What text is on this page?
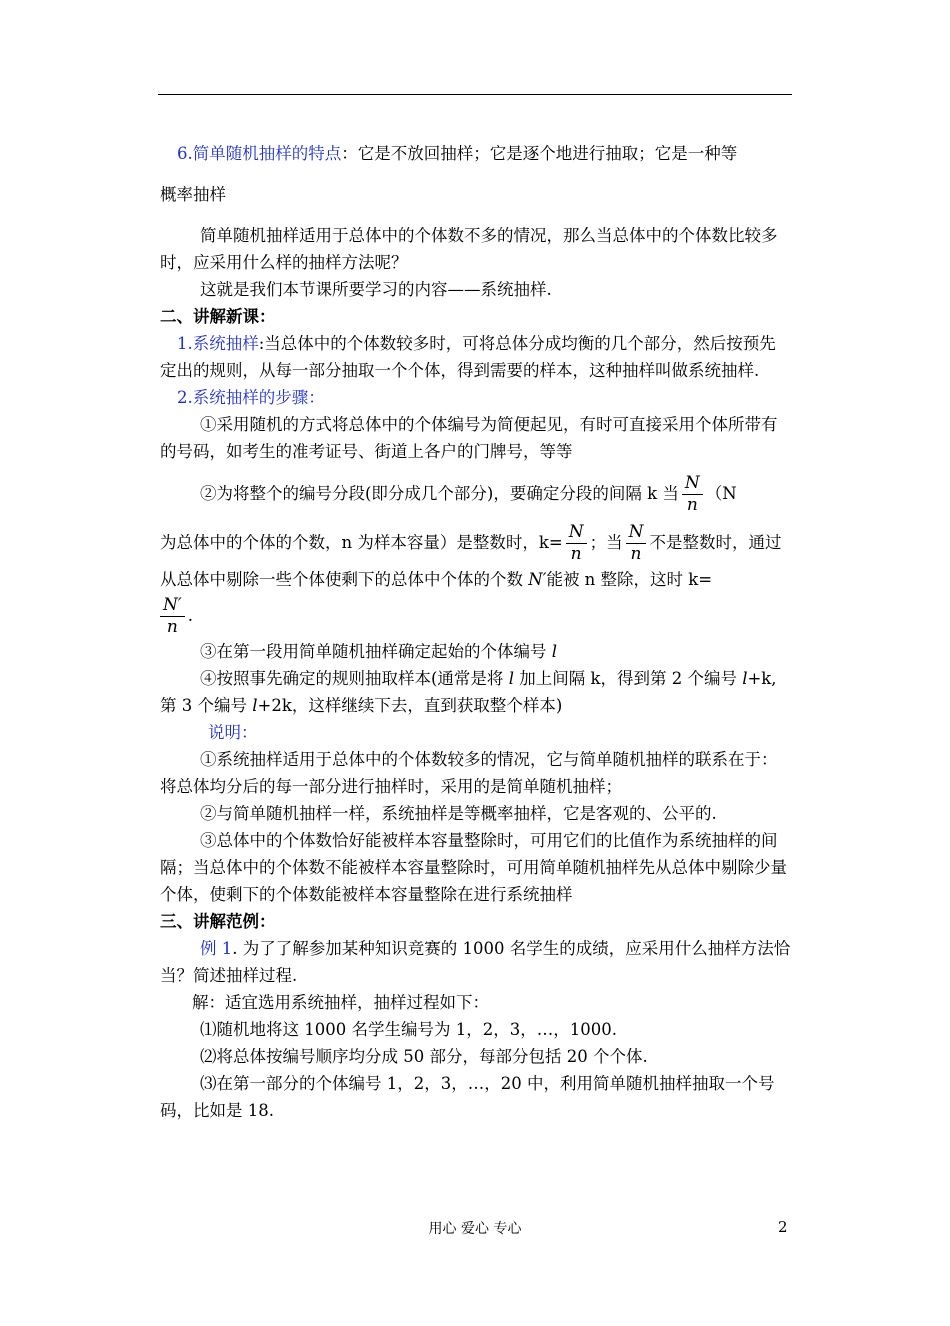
6.简单随机抽样的特点：它是不放回抽样；它是逐个地进行抽取；它是一种等

概率抽样

简单随机抽样适用于总体中的个体数不多的情况，那么当总体中的个体数比较多时，应采用什么样的抽样方法呢？

这就是我们本节课所要学习的内容——系统抽样.

二、讲解新课：

1.系统抽样:当总体中的个体数较多时，可将总体分成均衡的几个部分，然后按预先定出的规则，从每一部分抽取一个个体，得到需要的样本，这种抽样叫做系统抽样.

2.系统抽样的步骤：

①采用随机的方式将总体中的个体编号为简便起见，有时可直接采用个体所带有的号码，如考生的准考证号、街道上各户的门牌号，等等

②为将整个的编号分段(即分成几个部分)，要确定分段的间隔 k 当 $\frac{N}{n} (N$

为总体中的个体的个数，n 为样本容量）是整数时，$k= \frac{N}{n}$ ；当 $\frac{N}{n}$ 不是整数时，通过从总体中剔除一些个体使剩下的总体中个体的个数 N′能被 n 整除，这时 k=

$\frac{N'}{n}$ .

③在第一段用简单随机抽样确定起始的个体编号 l

④按照事先确定的规则抽取样本(通常是将 l 加上间隔 k，得到第 2 个编号 l+k,第 3 个编号 l+2k，这样继续下去，直到获取整个样本)

说明：

①系统抽样适用于总体中的个体数较多的情况，它与简单随机抽样的联系在于：将总体均分后的每一部分进行抽样时，采用的是简单随机抽样；

②与简单随机抽样一样，系统抽样是等概率抽样，它是客观的、公平的.

③总体中的个体数恰好能被样本容量整除时，可用它们的比值作为系统抽样的间隔；当总体中的个体数不能被样本容量整除时，可用简单随机抽样先从总体中剔除少量个体，使剩下的个体数能被样本容量整除在进行系统抽样

三、讲解范例：

例 1. 为了了解参加某种知识竞赛的 1000 名学生的成绩，应采用什么抽样方法恰当？简述抽样过程.

解：适宜选用系统抽样，抽样过程如下：

⑴随机地将这 1000 名学生编号为 1，2，3，…，1000.

⑵将总体按编号顺序均分成 50 部分，每部分包括 20 个个体.

⑶在第一部分的个体编号 1，2，3，…，20 中，利用简单随机抽样抽取一个号码，比如是 18.

用心 爱心 专心	2
